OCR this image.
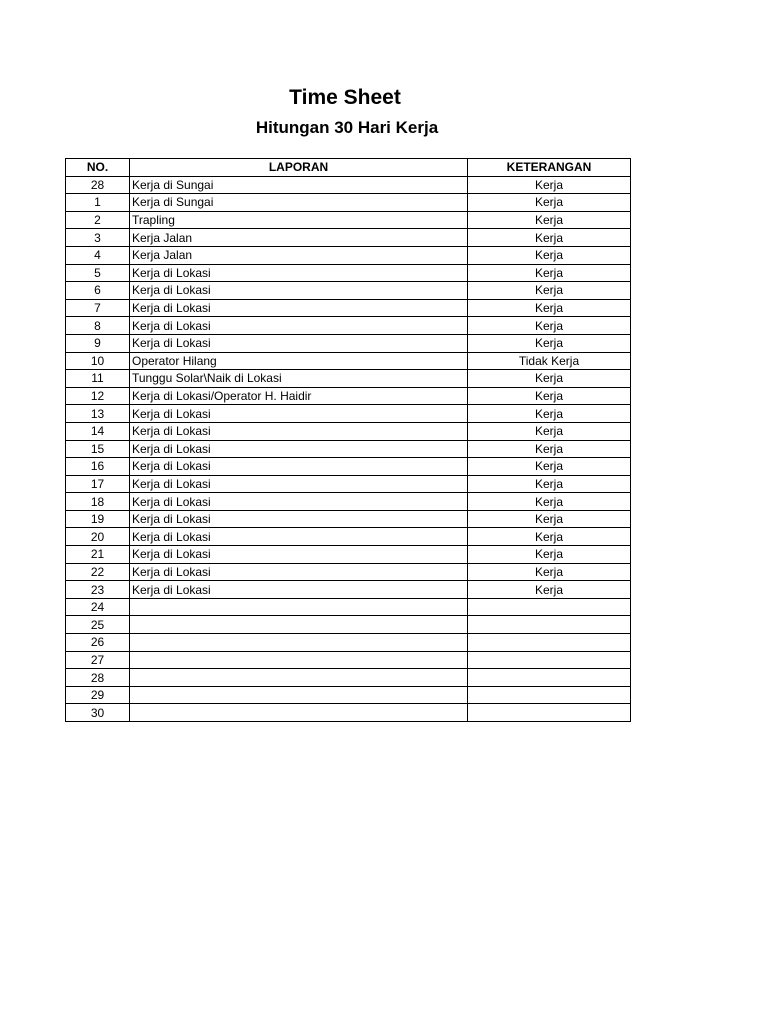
Time Sheet
Hitungan 30 Hari Kerja
NO.	LAPORAN	KETERANGAN
28	Kerja di Sungai	Kerja
1	Kerja di Sungai	Kerja
2	Trapling	Kerja
3	Kerja Jalan	Kerja
4	Kerja Jalan	Kerja
5	Kerja di Lokasi	Kerja
6	Kerja di Lokasi	Kerja
7	Kerja di Lokasi	Kerja
8	Kerja di Lokasi	Kerja
9	Kerja di Lokasi	Kerja
10	Operator Hilang	Tidak Kerja
11	Tunggu Solar\Naik di Lokasi	Kerja
12	Kerja di Lokasi/Operator H. Haidir	Kerja
13	Kerja di Lokasi	Kerja
14	Kerja di Lokasi	Kerja
15	Kerja di Lokasi	Kerja
16	Kerja di Lokasi	Kerja
17	Kerja di Lokasi	Kerja
18	Kerja di Lokasi	Kerja
19	Kerja di Lokasi	Kerja
20	Kerja di Lokasi	Kerja
21	Kerja di Lokasi	Kerja
22	Kerja di Lokasi	Kerja
23	Kerja di Lokasi	Kerja
24		
25		
26		
27		
28		
29		
30		
